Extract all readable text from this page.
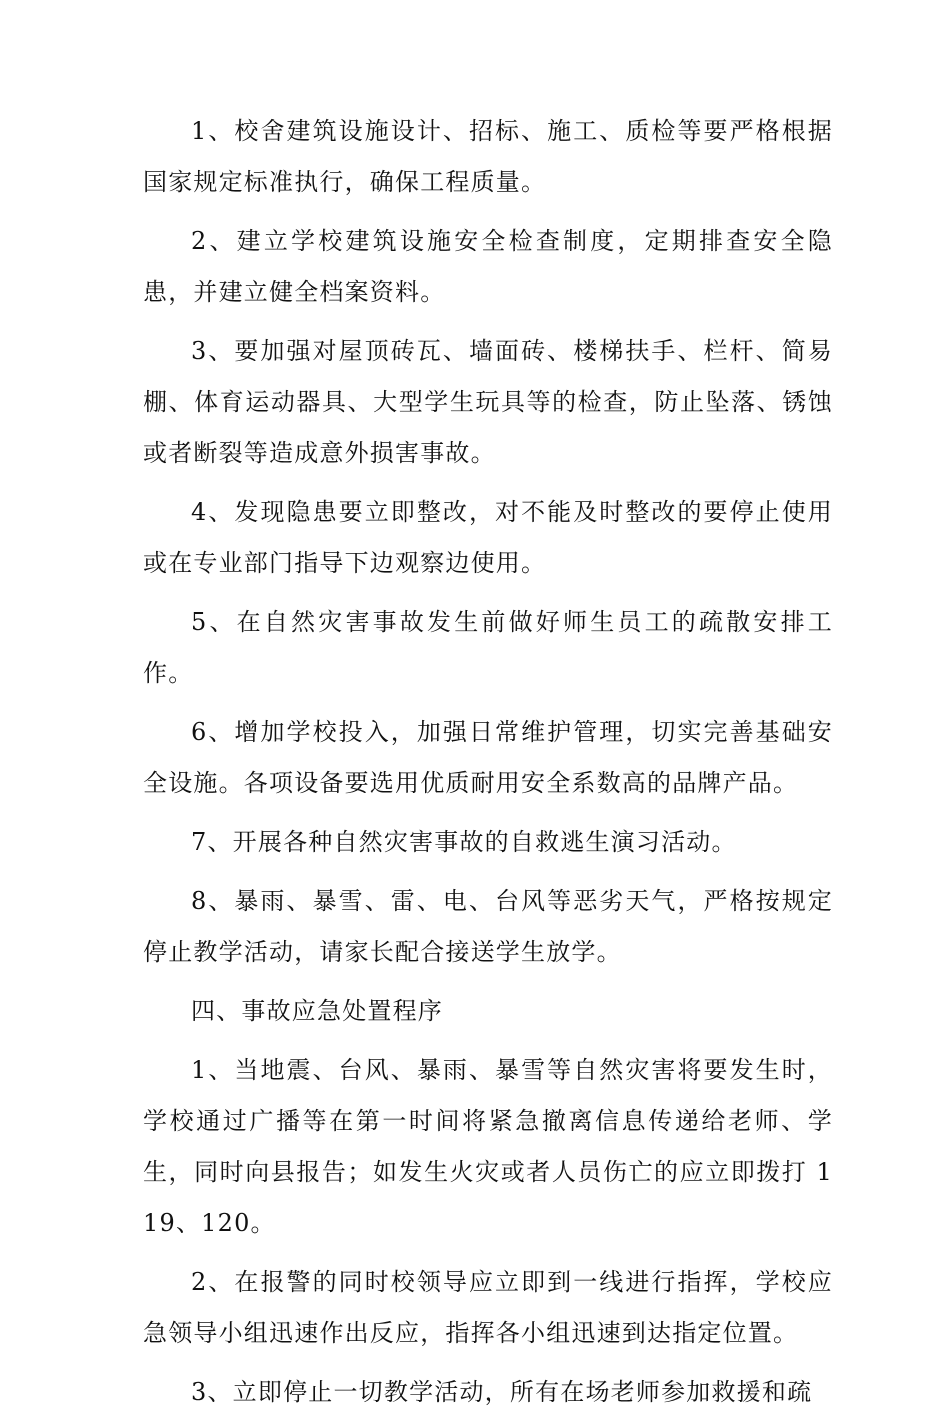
1、校舍建筑设施设计、招标、施工、质检等要严格根据国家规定标准执行，确保工程质量。

2、建立学校建筑设施安全检查制度，定期排查安全隐患，并建立健全档案资料。

3、要加强对屋顶砖瓦、墙面砖、楼梯扶手、栏杆、简易棚、体育运动器具、大型学生玩具等的检查，防止坠落、锈蚀或者断裂等造成意外损害事故。

4、发现隐患要立即整改，对不能及时整改的要停止使用或在专业部门指导下边观察边使用。

5、在自然灾害事故发生前做好师生员工的疏散安排工作。

6、增加学校投入，加强日常维护管理，切实完善基础安全设施。各项设备要选用优质耐用安全系数高的品牌产品。

7、开展各种自然灾害事故的自救逃生演习活动。

8、暴雨、暴雪、雷、电、台风等恶劣天气，严格按规定停止教学活动，请家长配合接送学生放学。

四、事故应急处置程序

1、当地震、台风、暴雨、暴雪等自然灾害将要发生时，学校通过广播等在第一时间将紧急撤离信息传递给老师、学生，同时向县报告；如发生火灾或者人员伤亡的应立即拨打 119、120。

2、在报警的同时校领导应立即到一线进行指挥，学校应急领导小组迅速作出反应，指挥各小组迅速到达指定位置。

3、立即停止一切教学活动，所有在场老师参加救援和疏
